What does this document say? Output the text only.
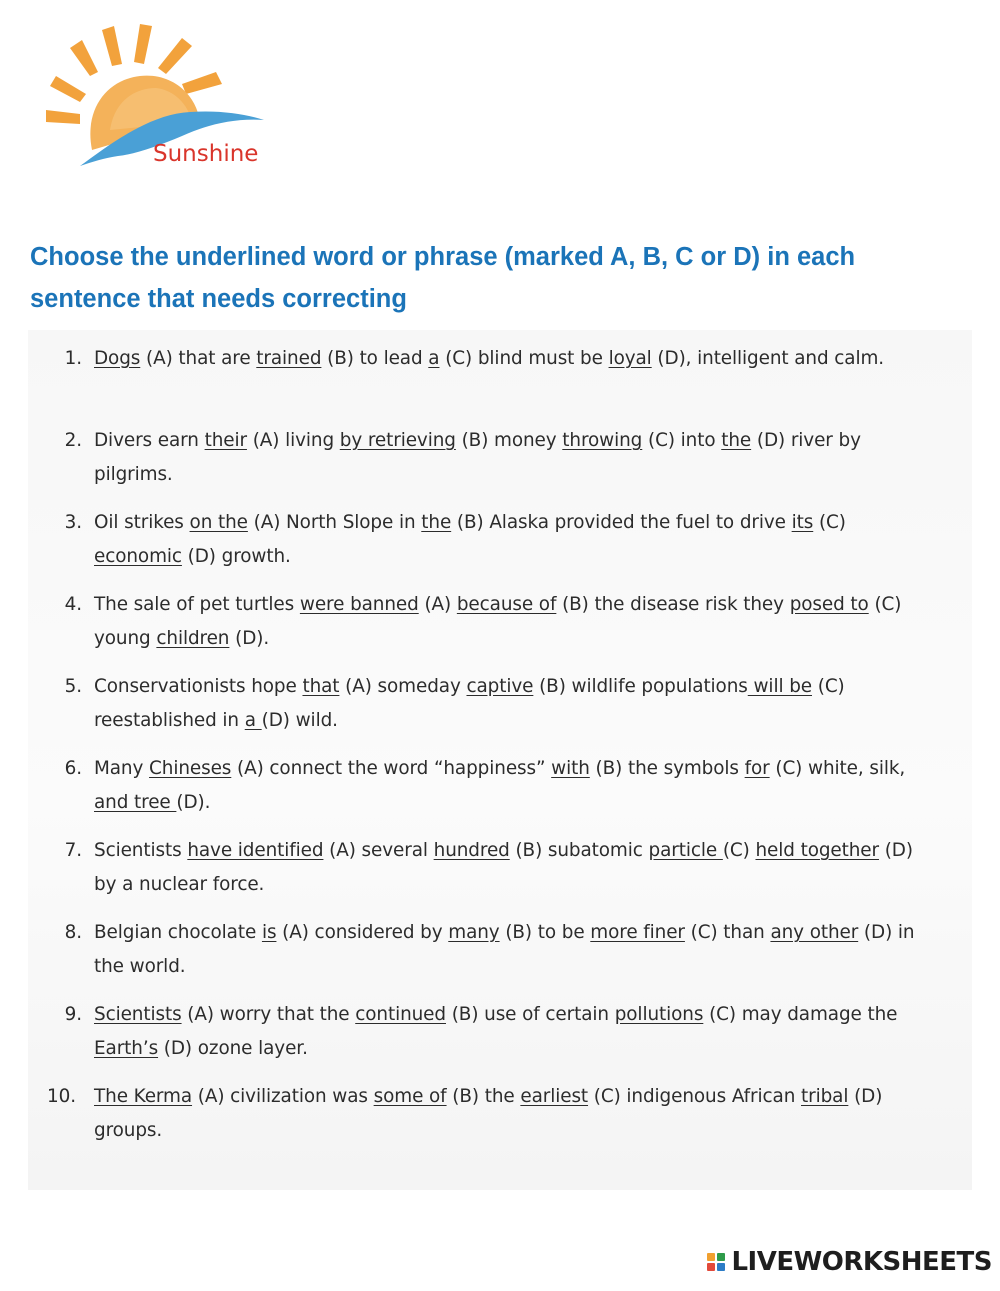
Sunshine
Choose the underlined word or phrase (marked A, B, C or D) in each sentence that needs correcting
1. Dogs (A) that are trained (B) to lead a (C) blind must be loyal (D), intelligent and calm.
2. Divers earn their (A) living by retrieving (B) money throwing (C) into the (D) river by pilgrims.
3. Oil strikes on the (A) North Slope in the (B) Alaska provided the fuel to drive its (C) economic (D) growth.
4. The sale of pet turtles were banned (A) because of (B) the disease risk they posed to (C) young children (D).
5. Conservationists hope that (A) someday captive (B) wildlife populations will be (C) reestablished in a (D) wild.
6. Many Chineses (A) connect the word “happiness” with (B) the symbols for (C) white, silk, and tree (D).
7. Scientists have identified (A) several hundred (B) subatomic particle (C) held together (D) by a nuclear force.
8. Belgian chocolate is (A) considered by many (B) to be more finer (C) than any other (D) in the world.
9. Scientists (A) worry that the continued (B) use of certain pollutions (C) may damage the Earth’s (D) ozone layer.
10. The Kerma (A) civilization was some of (B) the earliest (C) indigenous African tribal (D) groups.
LIVEWORKSHEETS
